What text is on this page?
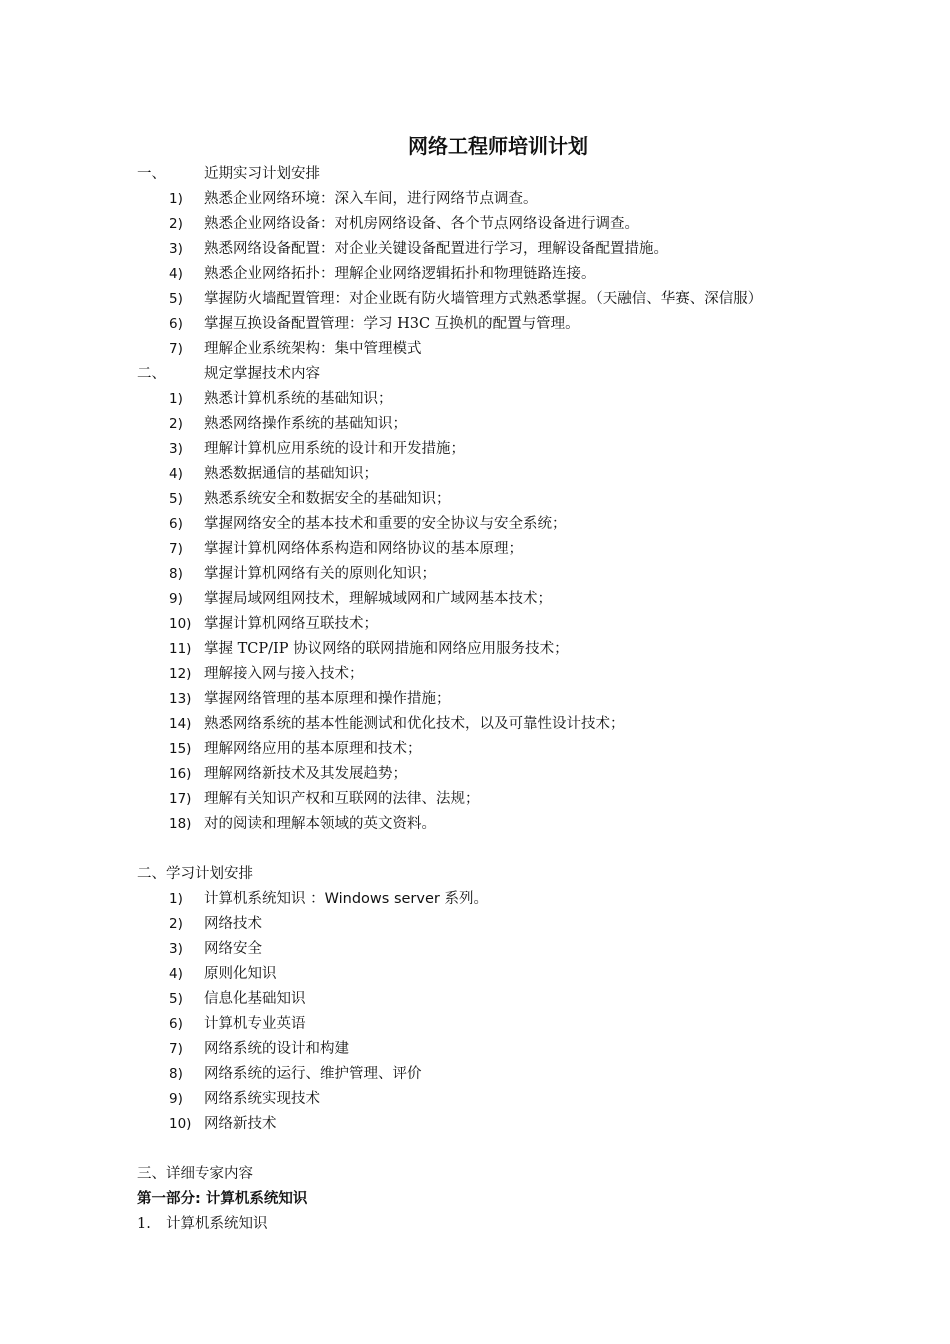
网络工程师培训计划
一、	近期实习计划安排
1) 熟悉企业网络环境：深入车间，进行网络节点调查。
2) 熟悉企业网络设备：对机房网络设备、各个节点网络设备进行调查。
3) 熟悉网络设备配置：对企业关键设备配置进行学习，理解设备配置措施。
4) 熟悉企业网络拓扑：理解企业网络逻辑拓扑和物理链路连接。
5) 掌握防火墙配置管理：对企业既有防火墙管理方式熟悉掌握。（天融信、华赛、深信服）
6) 掌握互换设备配置管理：学习 H3C 互换机的配置与管理。
7) 理解企业系统架构：集中管理模式
二、	规定掌握技术内容
1) 熟悉计算机系统的基础知识；
2) 熟悉网络操作系统的基础知识；
3) 理解计算机应用系统的设计和开发措施；
4) 熟悉数据通信的基础知识；
5) 熟悉系统安全和数据安全的基础知识；
6) 掌握网络安全的基本技术和重要的安全协议与安全系统；
7) 掌握计算机网络体系构造和网络协议的基本原理；
8) 掌握计算机网络有关的原则化知识；
9) 掌握局域网组网技术，理解城域网和广域网基本技术；
10) 掌握计算机网络互联技术；
11) 掌握 TCP/IP 协议网络的联网措施和网络应用服务技术；
12) 理解接入网与接入技术；
13) 掌握网络管理的基本原理和操作措施；
14) 熟悉网络系统的基本性能测试和优化技术，以及可靠性设计技术；
15) 理解网络应用的基本原理和技术；
16) 理解网络新技术及其发展趋势；
17) 理解有关知识产权和互联网的法律、法规；
18) 对的阅读和理解本领域的英文资料。
二、学习计划安排
1) 计算机系统知识 ：Windows server 系列。
2) 网络技术
3) 网络安全
4) 原则化知识
5) 信息化基础知识
6) 计算机专业英语
7) 网络系统的设计和构建
8) 网络系统的运行、维护管理、评价
9) 网络系统实现技术
10) 网络新技术
三、详细专家内容
第一部分: 计算机系统知识
1. 计算机系统知识
